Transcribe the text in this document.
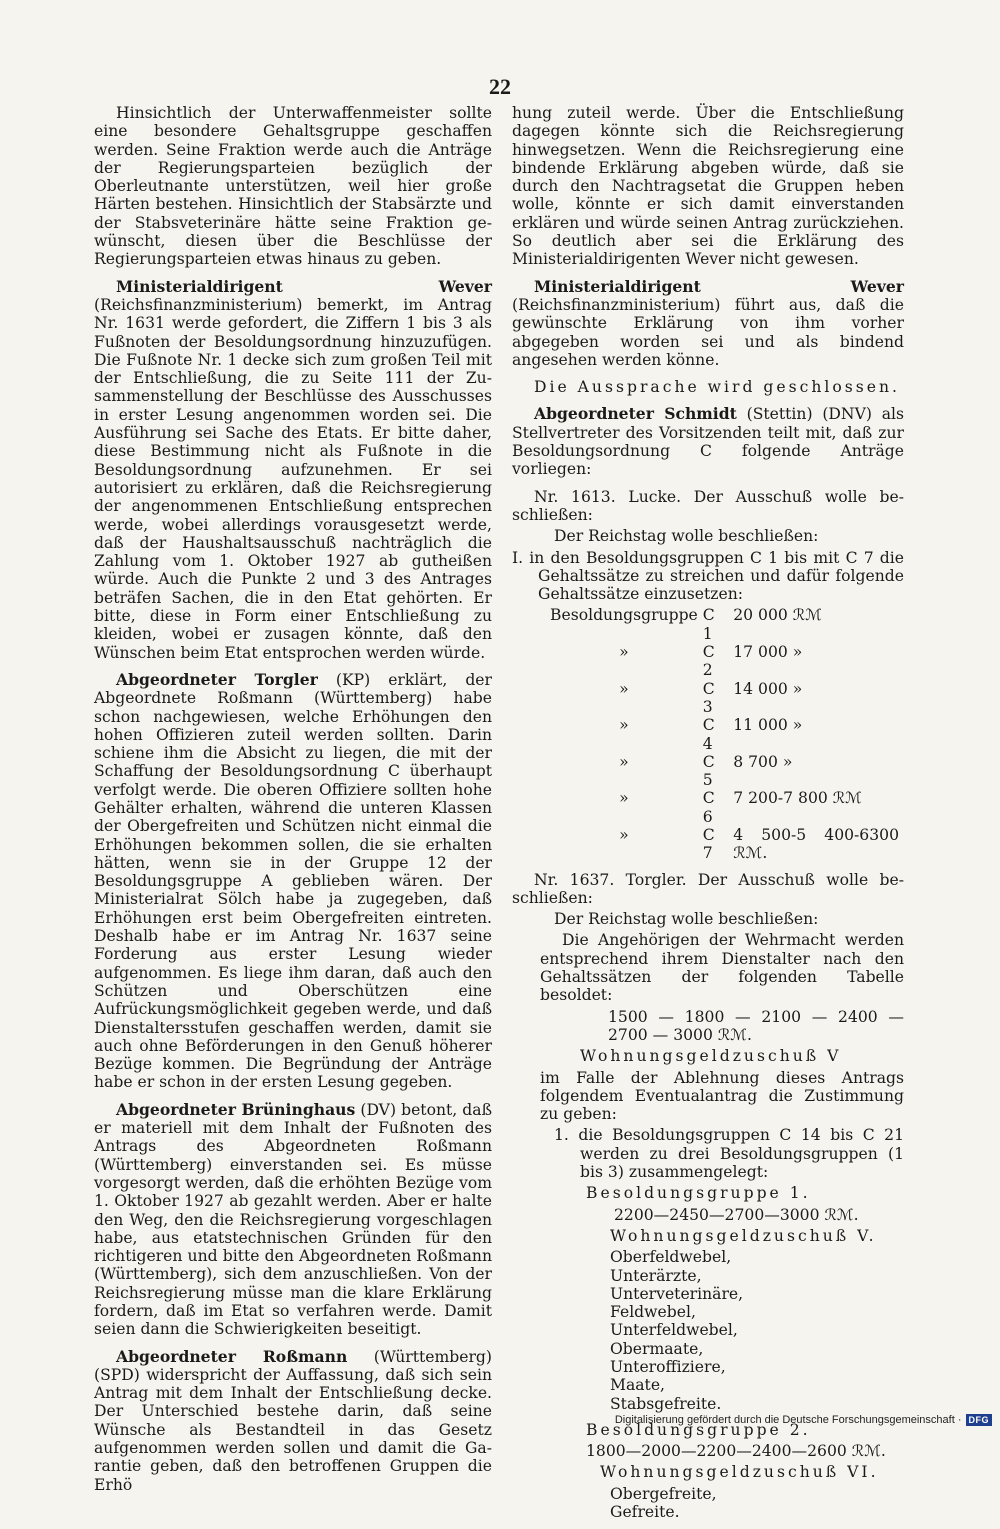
22

Hinsichtlich der Unterwaffenmeister sollte eine besondere Gehaltsgruppe geschaffen werden. Seine Fraktion werde auch die Anträge der Regierungsparteien bezüglich der Oberleutnante unterstützen, weil hier große Härten bestehen. Hinsichtlich der Stabsärzte und der Stabsveterinäre hätte seine Fraktion gewünscht, diesen über die Beschlüsse der Regierungsparteien etwas hinaus zu geben.

Ministerialdirigent Wever (Reichsfinanzministerium) bemerkt, im Antrag Nr. 1631 werde gefordert, die Ziffern 1 bis 3 als Fußnoten der Besoldungsordnung hinzuzufügen. Die Fußnote Nr. 1 decke sich zum großen Teil mit der Entschließung, die zu Seite 111 der Zusammenstellung der Beschlüsse des Ausschusses in erster Lesung angenommen worden sei. Die Ausführung sei Sache des Etats. Er bitte daher, diese Bestimmung nicht als Fußnote in die Besoldungsordnung aufzunehmen. Er sei autorisiert zu erklären, daß die Reichsregierung der angenommenen Entschließung entsprechen werde, wobei allerdings vorausgesetzt werde, daß der Haushaltsausschuß nachträglich die Zahlung vom 1. Oktober 1927 ab gutheißen würde. Auch die Punkte 2 und 3 des Antrages beträfen Sachen, die in den Etat gehörten. Er bitte, diese in Form einer Entschließung zu kleiden, wobei er zusagen könnte, daß den Wünschen beim Etat entsprochen werden würde.

Abgeordneter Torgler (KP) erklärt, der Abgeordnete Roßmann (Württemberg) habe schon nachgewiesen, welche Erhöhungen den hohen Offizieren zuteil werden sollten. Darin schiene ihm die Absicht zu liegen, die mit der Schaffung der Besoldungsordnung C überhaupt verfolgt werde. Die oberen Offiziere sollten hohe Gehälter erhalten, während die unteren Klassen der Obergefreiten und Schützen nicht einmal die Erhöhungen bekommen sollen, die sie erhalten hätten, wenn sie in der Gruppe 12 der Besoldungsgruppe A geblieben wären. Der Ministerialrat Sölch habe ja zugegeben, daß Erhöhungen erst beim Obergefreiten eintreten. Deshalb habe er im Antrag Nr. 1637 seine Forderung aus erster Lesung wieder aufgenommen. Es liege ihm daran, daß auch den Schützen und Oberschützen eine Aufrückungsmöglichkeit gegeben werde, und daß Dienstaltersstufen geschaffen werden, damit sie auch ohne Beförderungen in den Genuß höherer Bezüge kommen. Die Begründung der Anträge habe er schon in der ersten Lesung gegeben.

Abgeordneter Brüninghaus (DV) betont, daß er materiell mit dem Inhalt der Fußnoten des Antrags des Abgeordneten Roßmann (Württemberg) einverstanden sei. Es müsse vorgesorgt werden, daß die erhöhten Bezüge vom 1. Oktober 1927 ab gezahlt werden. Aber er halte den Weg, den die Reichsregierung vorgeschlagen habe, aus etatstechnischen Gründen für den richtigeren und bitte den Abgeordneten Roßmann (Württemberg), sich dem anzuschließen. Von der Reichsregierung müsse man die klare Erklärung fordern, daß im Etat so verfahren werde. Damit seien dann die Schwierigkeiten beseitigt.

Abgeordneter Roßmann (Württemberg) (SPD) widerspricht der Auffassung, daß sich sein Antrag mit dem Inhalt der Entschließung decke. Der Unterschied bestehe darin, daß seine Wünsche als Bestandteil in das Gesetz aufgenommen werden sollen und damit die Garantie geben, daß den betroffenen Gruppen die Erhö

hung zuteil werde. Über die Entschließung dagegen könnte sich die Reichsregierung hinwegsetzen. Wenn die Reichsregierung eine bindende Erklärung abgeben würde, daß sie durch den Nachtragsetat die Gruppen heben wolle, könnte er sich damit einverstanden erklären und würde seinen Antrag zurückziehen. So deutlich aber sei die Erklärung des Ministerialdirigenten Wever nicht gewesen.

Ministerialdirigent Wever (Reichsfinanzministerium) führt aus, daß die gewünschte Erklärung von ihm vorher abgegeben worden sei und als bindend angesehen werden könne.

Die Aussprache wird geschlossen.

Abgeordneter Schmidt (Stettin) (DNV) als Stellvertreter des Vorsitzenden teilt mit, daß zur Besoldungsordnung C folgende Anträge vorliegen:

Nr. 1613. Lucke. Der Ausschuß wolle beschließen:

Der Reichstag wolle beschließen:

I. in den Besoldungsgruppen C 1 bis mit C 7 die Gehaltssätze zu streichen und dafür folgende Gehaltssätze einzusetzen:

Besoldungsgruppe	C 1	20 000 ℛℳ
»	C 2	17 000 »
»	C 3	14 000 »
»	C 4	11 000 »
»	C 5	8 700 »
»	C 6	7 200-7 800 ℛℳ
»	C 7	4 500-5 400-6300 ℛℳ.

Nr. 1637. Torgler. Der Ausschuß wolle beschließen:

Der Reichstag wolle beschließen:

Die Angehörigen der Wehrmacht werden entsprechend ihrem Dienstalter nach den Gehaltssätzen der folgenden Tabelle besoldet:

1500 — 1800 — 2100 — 2400 — 2700 — 3000 ℛℳ.

Wohnungsgeldzuschuß V

im Falle der Ablehnung dieses Antrags folgendem Eventualantrag die Zustimmung zu geben:

1. die Besoldungsgruppen C 14 bis C 21 werden zu drei Besoldungsgruppen (1 bis 3) zusammengelegt:

Besoldungsgruppe 1.

2200—2450—2700—3000 ℛℳ.

Wohnungsgeldzuschuß V.

Oberfeldwebel,
Unterärzte,
Unterveterinäre,
Feldwebel,
Unterfeldwebel,
Obermaate,
Unteroffiziere,
Maate,
Stabsgefreite.

Besoldungsgruppe 2.

1800—2000—2200—2400—2600 ℛℳ.

Wohnungsgeldzuschuß VI.

Obergefreite,
Gefreite.
Digitalisierung gefördert durch die Deutsche Forschungsgemeinschaft · DFG
